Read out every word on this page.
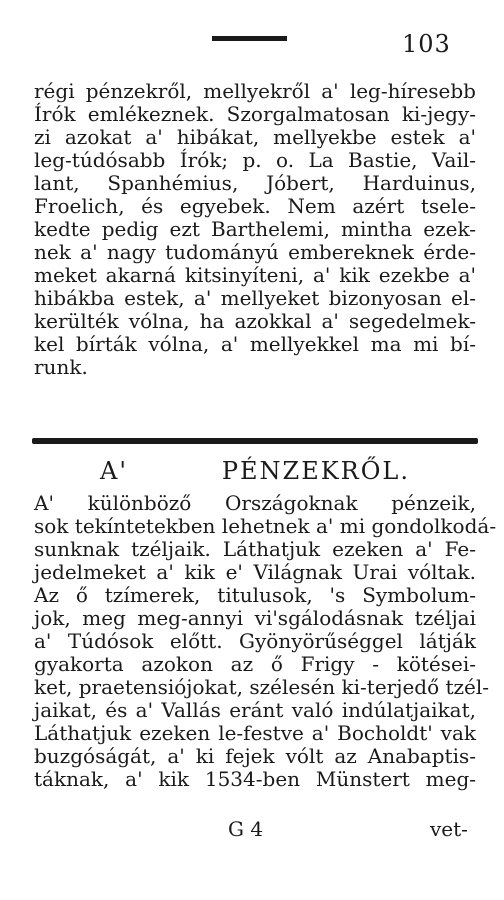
103
régi pénzekről, mellyekről a' leg-híresebb
Írók emlékeznek. Szorgalmatosan ki-jegy-
zi azokat a' hibákat, mellyekbe estek a'
leg-túdósabb Írók; p. o. La Bastie, Vail-
lant, Spanhémius, Jóbert, Harduinus,
Froelich, és egyebek. Nem azért tsele-
kedte pedig ezt Barthelemi, mintha ezek-
nek a' nagy tudományú embereknek érde-
meket akarná kitsinyíteni, a' kik ezekbe a'
hibákba estek, a' mellyeket bizonyosan el-
kerülték vólna, ha azokkal a' segedelmek-
kel bírták vólna, a' mellyekkel ma mi bí-
runk.
A' PÉNZEKRŐL.
A' különböző Országoknak pénzeik,
sok tekíntetekben lehetnek a' mi gondolkodá-
sunknak tzéljaik. Láthatjuk ezeken a' Fe-
jedelmeket a' kik e' Világnak Urai vóltak.
Az ő tzímerek, titulusok, 's Symbolum-
jok, meg meg-annyi vi'sgálodásnak tzéljai
a' Túdósok előtt. Gyönyörűséggel látják
gyakorta azokon az ő Frigy - kötései-
ket, praetensiójokat, szélesén ki-terjedő tzél-
jaikat, és a' Vallás eránt való indúlatjaikat,
Láthatjuk ezeken le-festve a' Bocholdt' vak
buzgóságát, a' ki fejek vólt az Anabaptis-
táknak, a' kik 1534-ben Münstert meg-
G 4	vet-
